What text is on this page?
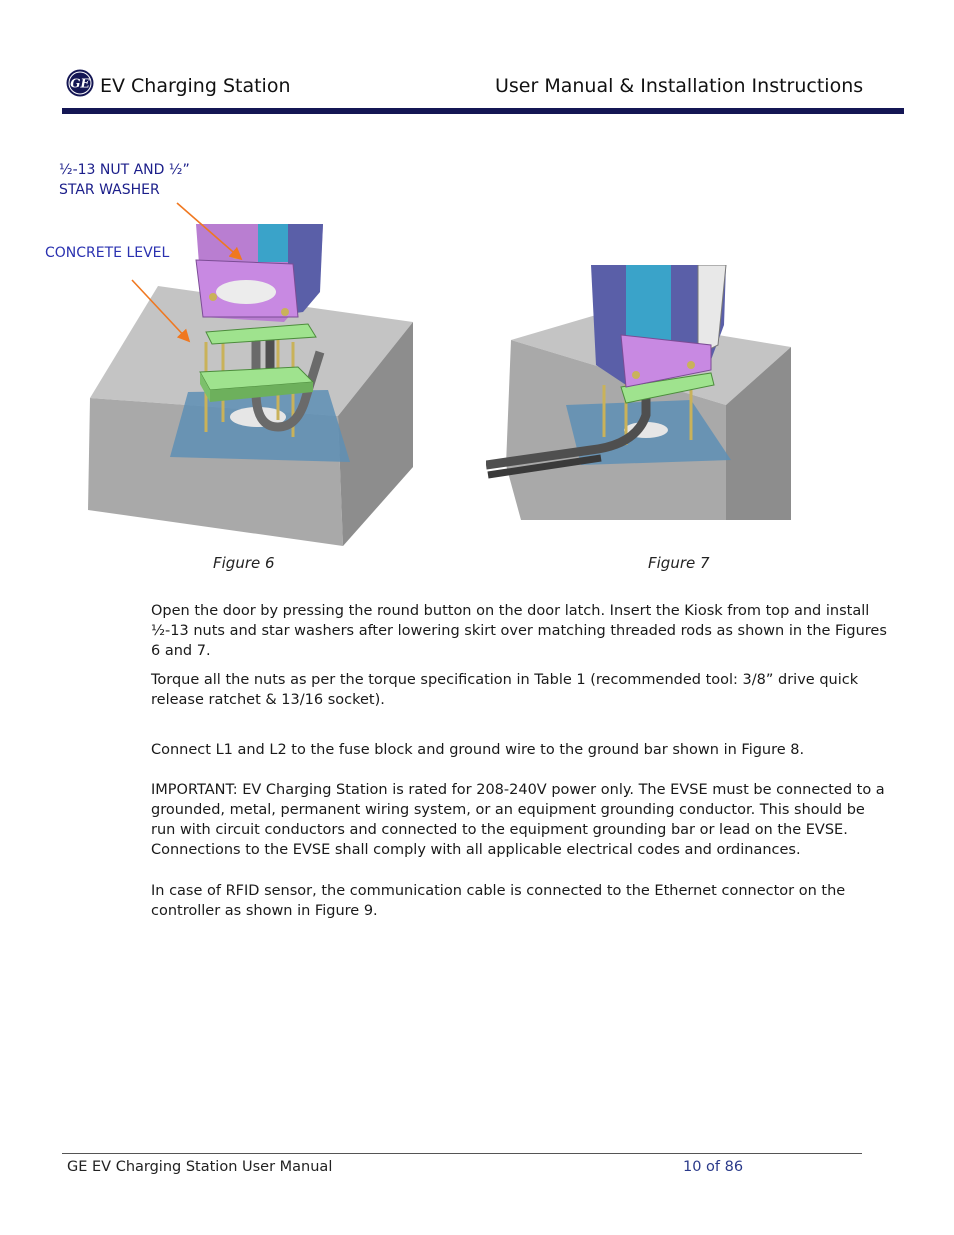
GE EV Charging Station	User Manual & Installation Instructions
½-13 NUT AND ½”
STAR WASHER
CONCRETE LEVEL
Figure 6	Figure 7
Open the door by pressing the round button on the door latch. Insert the Kiosk from top and install ½-13 nuts and star washers after lowering skirt over matching threaded rods as shown in the Figures 6 and 7.
Torque all the nuts as per the torque specification in Table 1 (recommended tool: 3/8” drive quick release ratchet & 13/16 socket).
Connect L1 and L2 to the fuse block and ground wire to the ground bar shown in Figure 8.
IMPORTANT: EV Charging Station is rated for 208-240V power only. The EVSE must be connected to a grounded, metal, permanent wiring system, or an equipment grounding conductor. This should be run with circuit conductors and connected to the equipment grounding bar or lead on the EVSE. Connections to the EVSE shall comply with all applicable electrical codes and ordinances.
In case of RFID sensor, the communication cable is connected to the Ethernet connector on the controller as shown in Figure 9.
GE EV Charging Station User Manual	10 of 86
